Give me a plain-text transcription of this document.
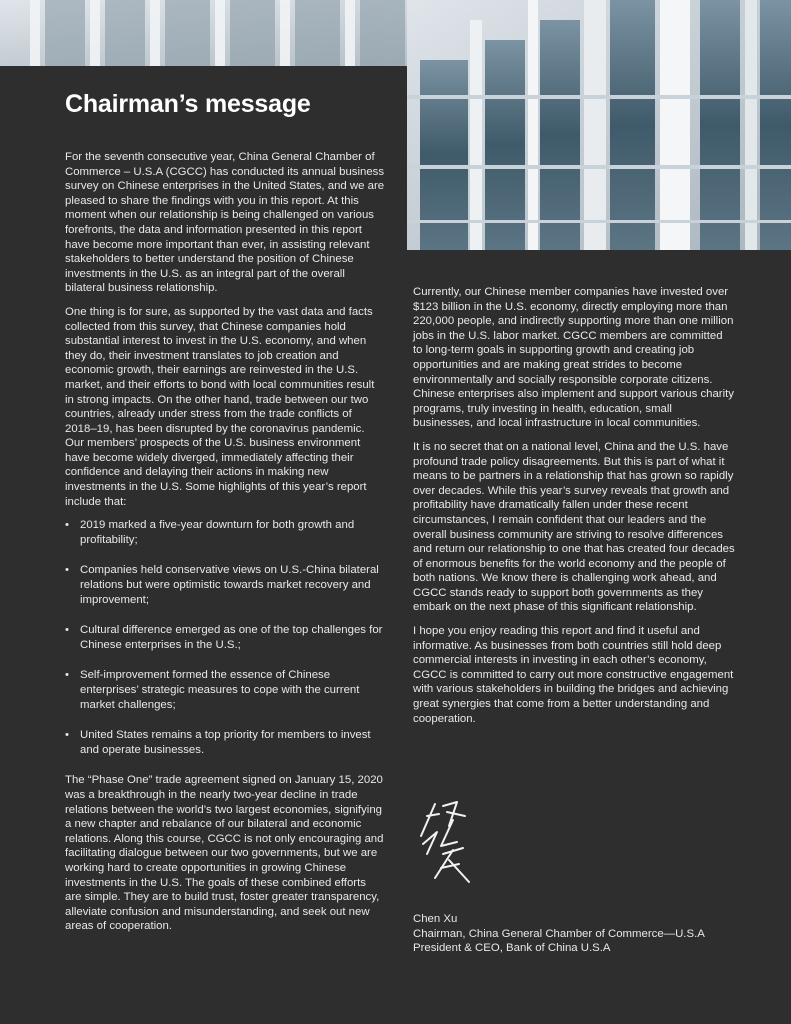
Chairman’s message

For the seventh consecutive year, China General Chamber of Commerce – U.S.A (CGCC) has conducted its annual business survey on Chinese enterprises in the United States, and we are pleased to share the findings with you in this report. At this moment when our relationship is being challenged on various forefronts, the data and information presented in this report have become more important than ever, in assisting relevant stakeholders to better understand the position of Chinese investments in the U.S. as an integral part of the overall bilateral business relationship.

One thing is for sure, as supported by the vast data and facts collected from this survey, that Chinese companies hold substantial interest to invest in the U.S. economy, and when they do, their investment translates to job creation and economic growth, their earnings are reinvested in the U.S. market, and their efforts to bond with local communities result in strong impacts. On the other hand, trade between our two countries, already under stress from the trade conflicts of 2018–19, has been disrupted by the coronavirus pandemic. Our members’ prospects of the U.S. business environment have become widely diverged, immediately affecting their confidence and delaying their actions in making new investments in the U.S. Some highlights of this year’s report include that:

• 2019 marked a five-year downturn for both growth and profitability;
• Companies held conservative views on U.S.-China bilateral relations but were optimistic towards market recovery and improvement;
• Cultural difference emerged as one of the top challenges for Chinese enterprises in the U.S.;
• Self-improvement formed the essence of Chinese enterprises’ strategic measures to cope with the current market challenges;
• United States remains a top priority for members to invest and operate businesses.

The “Phase One” trade agreement signed on January 15, 2020 was a breakthrough in the nearly two-year decline in trade relations between the world’s two largest economies, signifying a new chapter and rebalance of our bilateral and economic relations. Along this course, CGCC is not only encouraging and facilitating dialogue between our two governments, but we are working hard to create opportunities in growing Chinese investments in the U.S. The goals of these combined efforts are simple. They are to build trust, foster greater transparency, alleviate confusion and misunderstanding, and seek out new areas of cooperation.

Currently, our Chinese member companies have invested over $123 billion in the U.S. economy, directly employing more than 220,000 people, and indirectly supporting more than one million jobs in the U.S. labor market. CGCC members are committed to long-term goals in supporting growth and creating job opportunities and are making great strides to become environmentally and socially responsible corporate citizens. Chinese enterprises also implement and support various charity programs, truly investing in health, education, small businesses, and local infrastructure in local communities.

It is no secret that on a national level, China and the U.S. have profound trade policy disagreements. But this is part of what it means to be partners in a relationship that has grown so rapidly over decades. While this year’s survey reveals that growth and profitability have dramatically fallen under these recent circumstances, I remain confident that our leaders and the overall business community are striving to resolve differences and return our relationship to one that has created four decades of enormous benefits for the world economy and the people of both nations. We know there is challenging work ahead, and CGCC stands ready to support both governments as they embark on the next phase of this significant relationship.

I hope you enjoy reading this report and find it useful and informative. As businesses from both countries still hold deep commercial interests in investing in each other’s economy, CGCC is committed to carry out more constructive engagement with various stakeholders in building the bridges and achieving great synergies that come from a better understanding and cooperation.

Chen Xu
Chairman, China General Chamber of Commerce—U.S.A
President & CEO, Bank of China U.S.A
